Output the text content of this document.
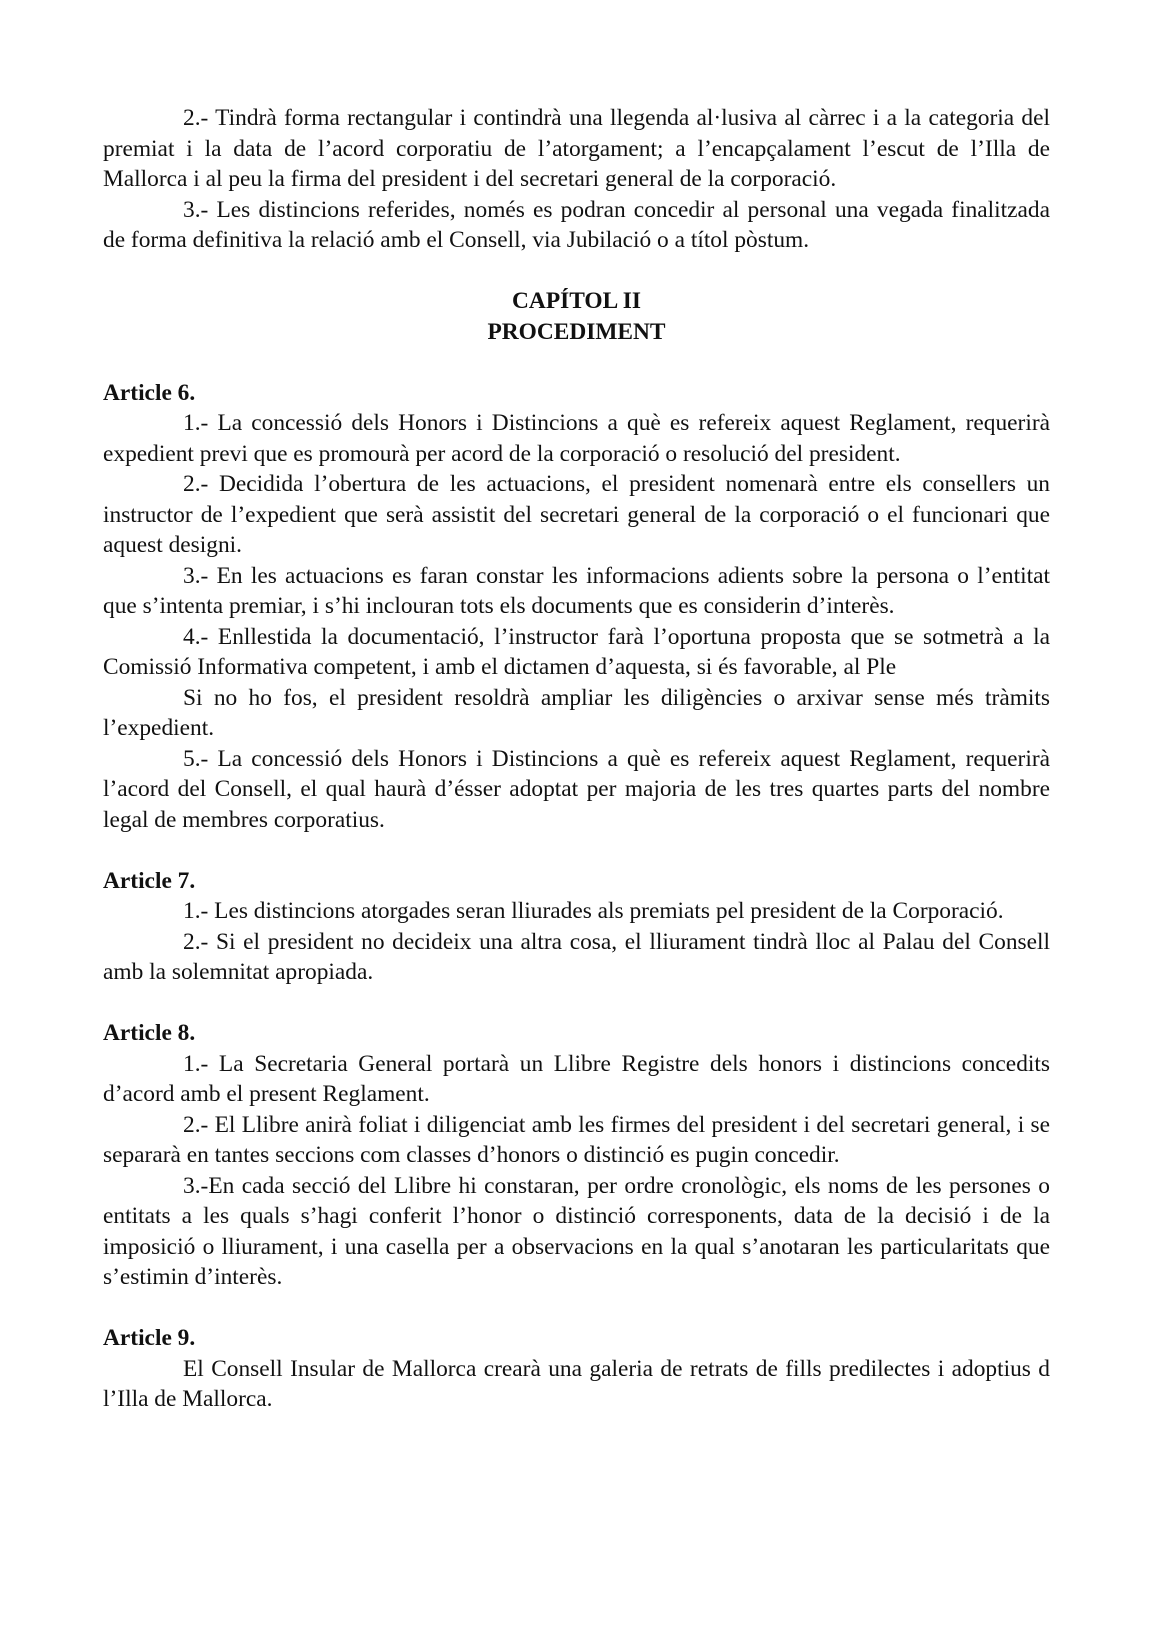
2.- Tindrà forma rectangular i contindrà una llegenda al·lusiva al càrrec i a la categoria del premiat i la data de l’acord corporatiu de l’atorgament; a l’encapçalament l’escut de l’Illa de Mallorca i al peu la firma del president i del secretari general de la corporació.

3.- Les distincions referides, només es podran concedir al personal una vegada finalitzada de forma definitiva la relació amb el Consell, via Jubilació o a títol pòstum.

CAPÍTOL II

PROCEDIMENT

Article 6.

1.- La concessió dels Honors i Distincions a què es refereix aquest Reglament, requerirà expedient previ que es promourà per acord de la corporació o resolució del president.

2.- Decidida l’obertura de les actuacions, el president nomenarà entre els consellers un instructor de l’expedient que serà assistit del secretari general de la corporació o el funcionari que aquest designi.

3.- En les actuacions es faran constar les informacions adients sobre la persona o l’entitat que s’intenta premiar, i s’hi inclouran tots els documents que es considerin d’interès.

4.- Enllestida la documentació, l’instructor farà l’oportuna proposta que se sotmetrà a la Comissió Informativa competent, i amb el dictamen d’aquesta, si és favorable, al Ple

Si no ho fos, el president resoldrà ampliar les diligències o arxivar sense més tràmits l’expedient.

5.- La concessió dels Honors i Distincions a què es refereix aquest Reglament, requerirà l’acord del Consell, el qual haurà d’ésser adoptat per majoria de les tres quartes parts del nombre legal de membres corporatius.

Article 7.

1.- Les distincions atorgades seran lliurades als premiats pel president de la Corporació.

2.- Si el president no decideix una altra cosa, el lliurament tindrà lloc al Palau del Consell amb la solemnitat apropiada.

Article 8.

1.- La Secretaria General portarà un Llibre Registre dels honors i distincions concedits d’acord amb el present Reglament.

2.- El Llibre anirà foliat i diligenciat amb les firmes del president i del secretari general, i se separarà en tantes seccions com classes d’honors o distinció es pugin concedir.

3.-En cada secció del Llibre hi constaran, per ordre cronològic, els noms de les persones o entitats a les quals s’hagi conferit l’honor o distinció corresponents, data de la decisió i de la imposició o lliurament, i una casella per a observacions en la qual s’anotaran les particularitats que s’estimin d’interès.

Article 9.

El Consell Insular de Mallorca crearà una galeria de retrats de fills predilectes i adoptius d l’Illa de Mallorca.
